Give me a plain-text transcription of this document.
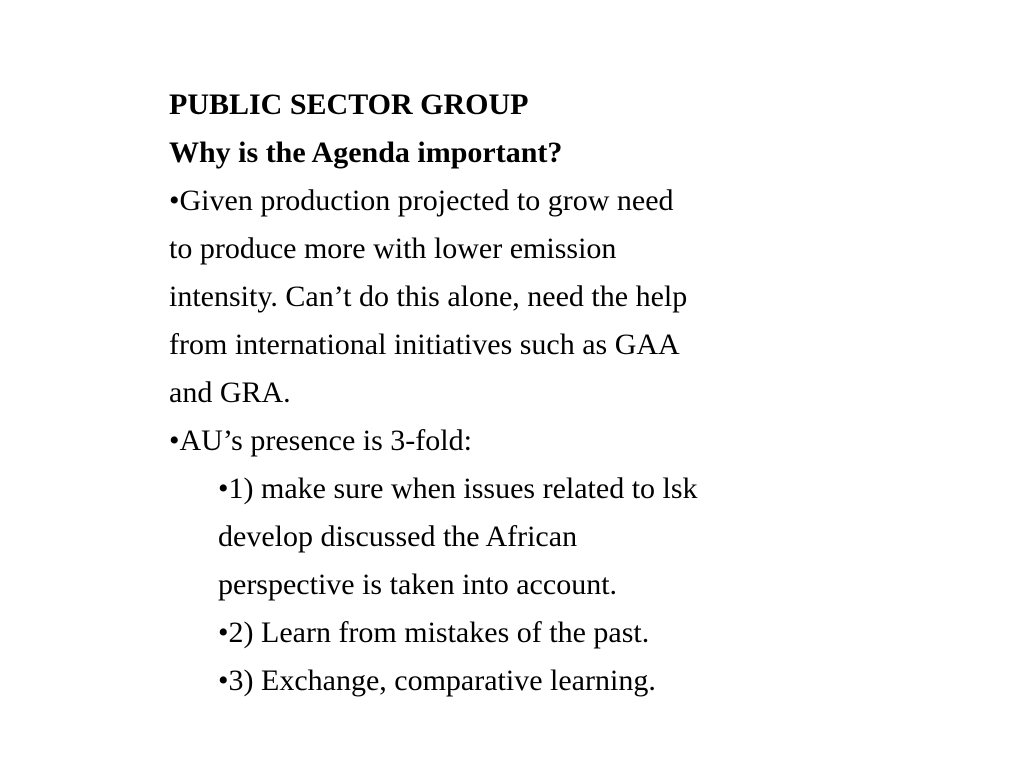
PUBLIC SECTOR GROUP
Why is the Agenda important?
•Given production projected to grow need
to produce more with lower emission
intensity. Can’t do this alone, need the help
from international initiatives such as GAA
and GRA.
•AU’s presence is 3-fold:
•1) make sure when issues related to lsk
develop discussed the African
perspective is taken into account.
•2) Learn from mistakes of the past.
•3) Exchange, comparative learning.
